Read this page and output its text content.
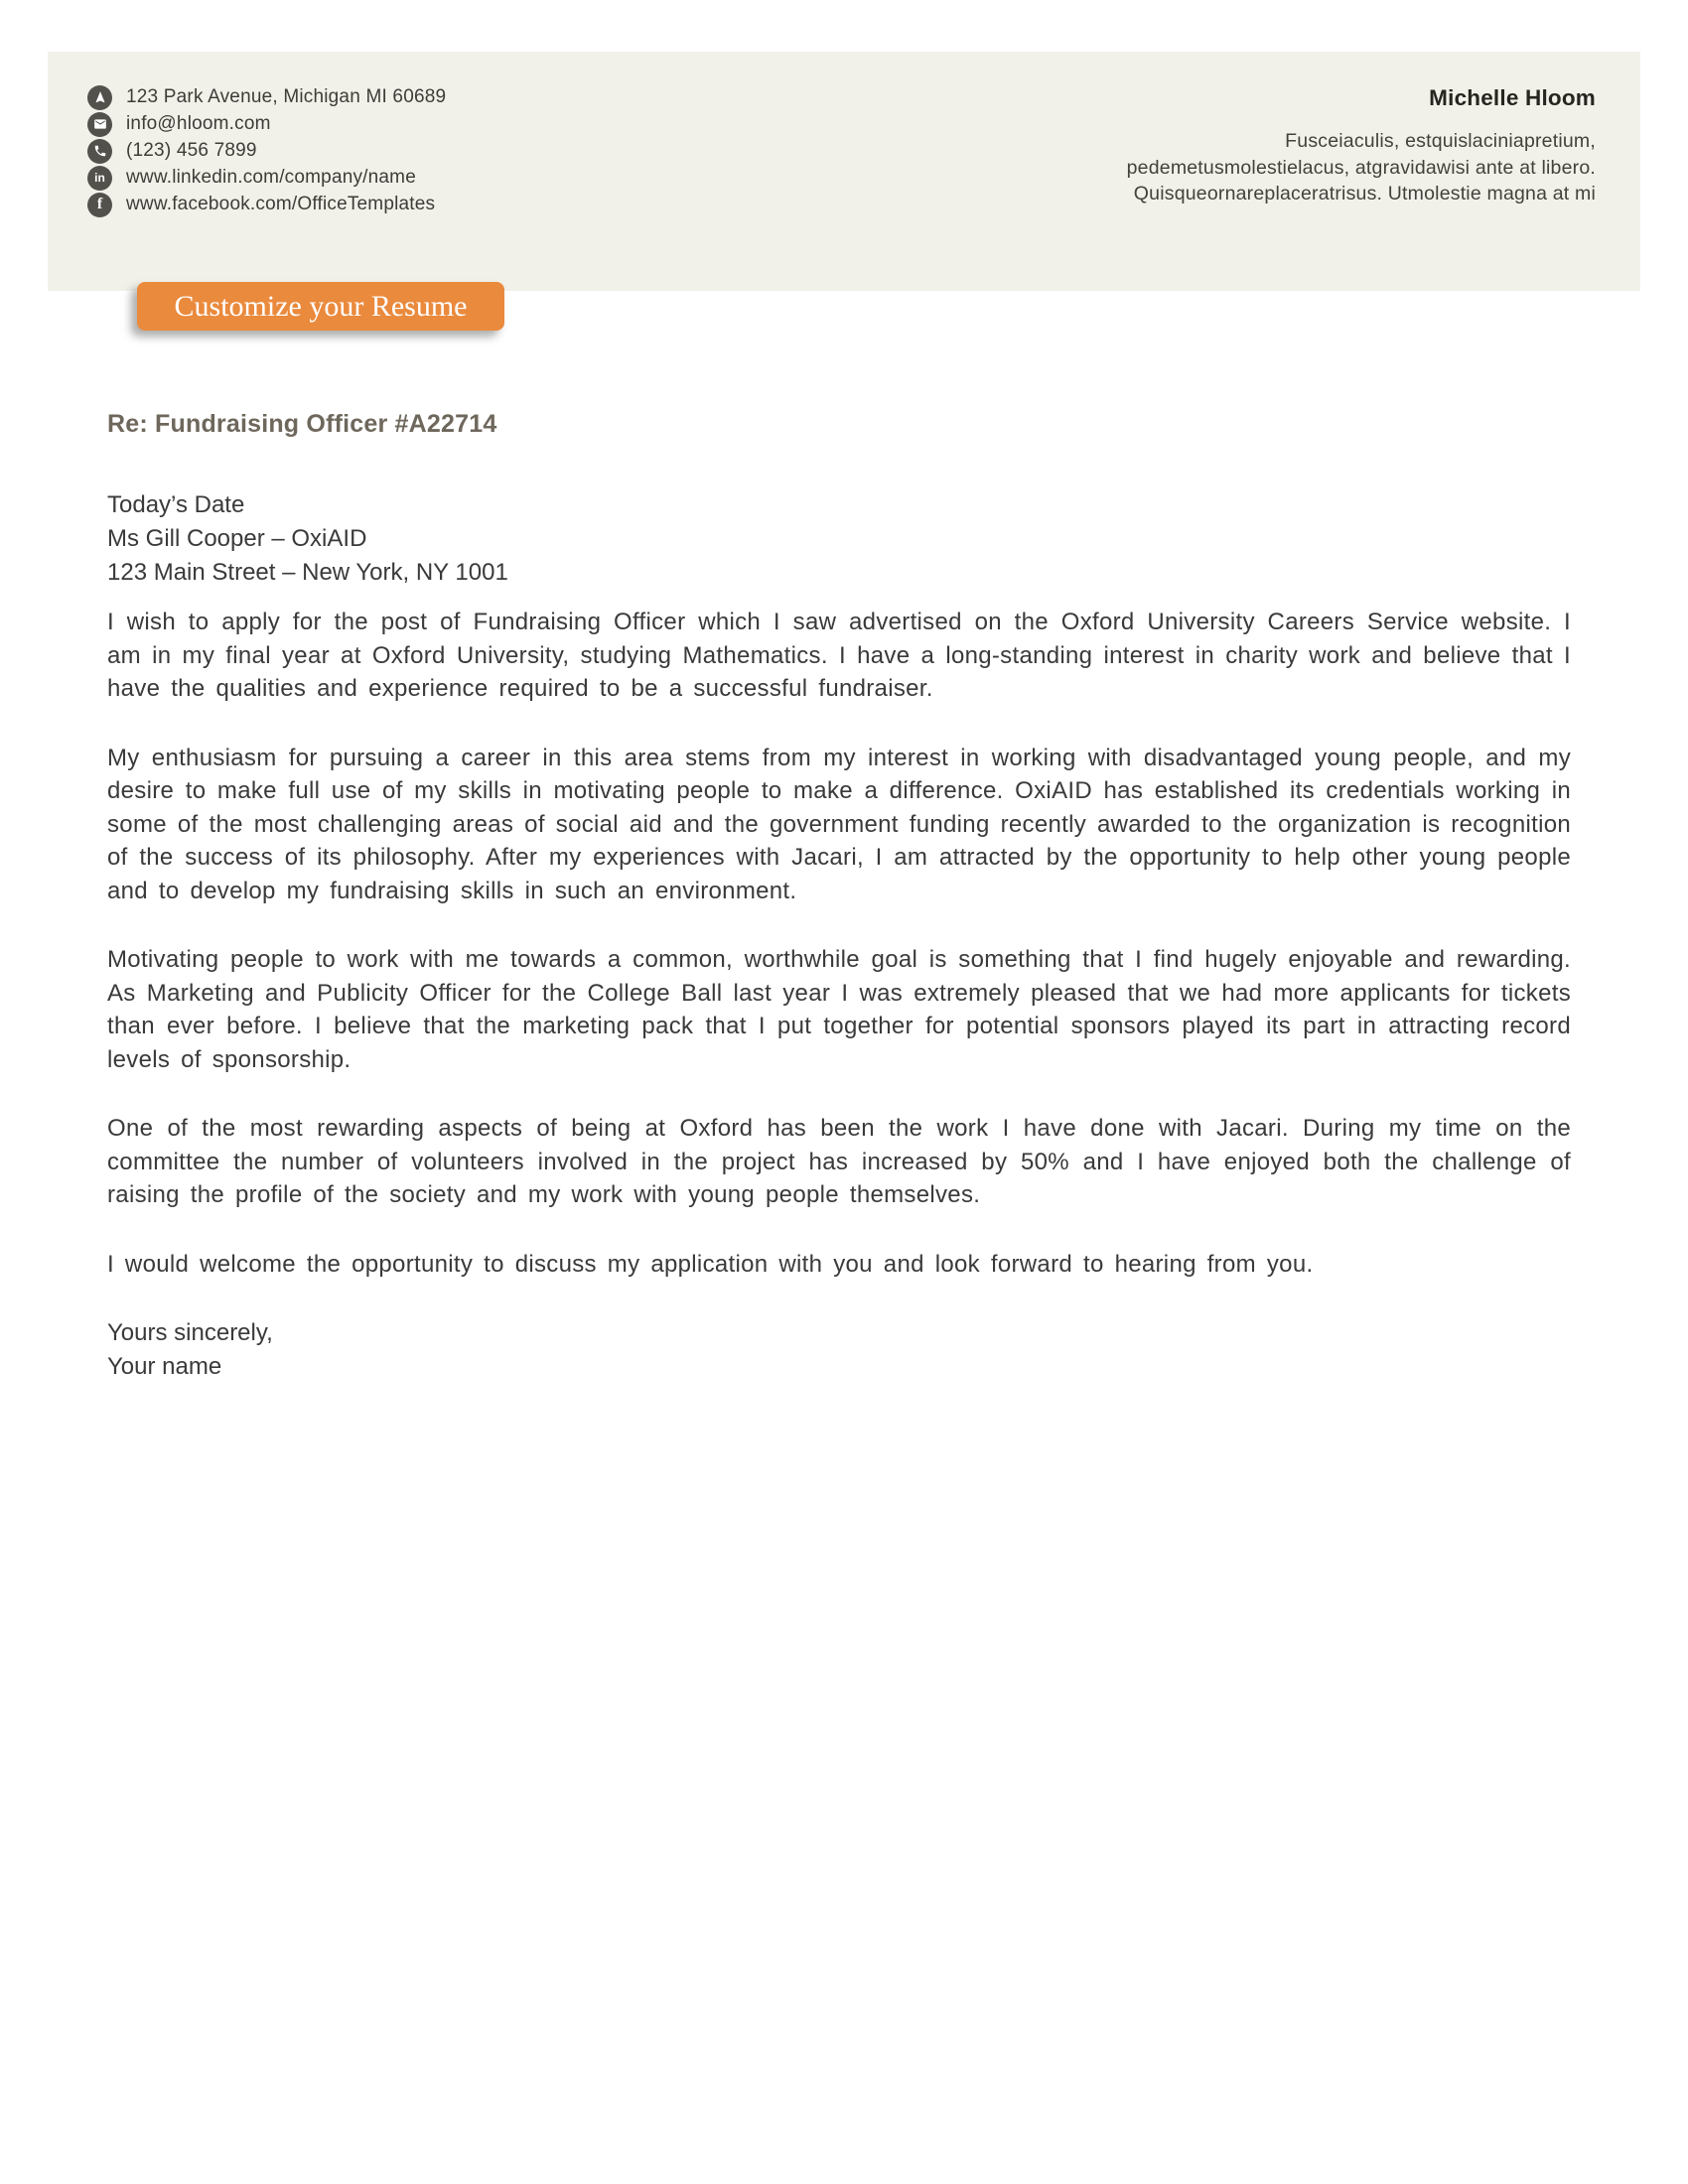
123 Park Avenue, Michigan MI 60689
info@hloom.com
(123) 456 7899
in www.linkedin.com/company/name
f www.facebook.com/OfficeTemplates
Michelle Hloom
Fusceiaculis, estquislaciniapretium,
pedemetusmolestielacus, atgravidawisi ante at libero.
Quisqueornareplaceratrisus. Utmolestie magna at mi
Customize your Resume
Re: Fundraising Officer #A22714

Today’s Date

Ms Gill Cooper – OxiAID

123 Main Street – New York, NY 1001

I wish to apply for the post of Fundraising Officer which I saw advertised on the Oxford University Careers Service website. I am in my final year at Oxford University, studying Mathematics. I have a long-standing interest in charity work and believe that I have the qualities and experience required to be a successful fundraiser.

My enthusiasm for pursuing a career in this area stems from my interest in working with disadvantaged young people, and my desire to make full use of my skills in motivating people to make a difference. OxiAID has established its credentials working in some of the most challenging areas of social aid and the government funding recently awarded to the organization is recognition of the success of its philosophy. After my experiences with Jacari, I am attracted by the opportunity to help other young people and to develop my fundraising skills in such an environment.

Motivating people to work with me towards a common, worthwhile goal is something that I find hugely enjoyable and rewarding. As Marketing and Publicity Officer for the College Ball last year I was extremely pleased that we had more applicants for tickets than ever before. I believe that the marketing pack that I put together for potential sponsors played its part in attracting record levels of sponsorship.

One of the most rewarding aspects of being at Oxford has been the work I have done with Jacari. During my time on the committee the number of volunteers involved in the project has increased by 50% and I have enjoyed both the challenge of raising the profile of the society and my work with young people themselves.

I would welcome the opportunity to discuss my application with you and look forward to hearing from you.

Yours sincerely,

Your name
